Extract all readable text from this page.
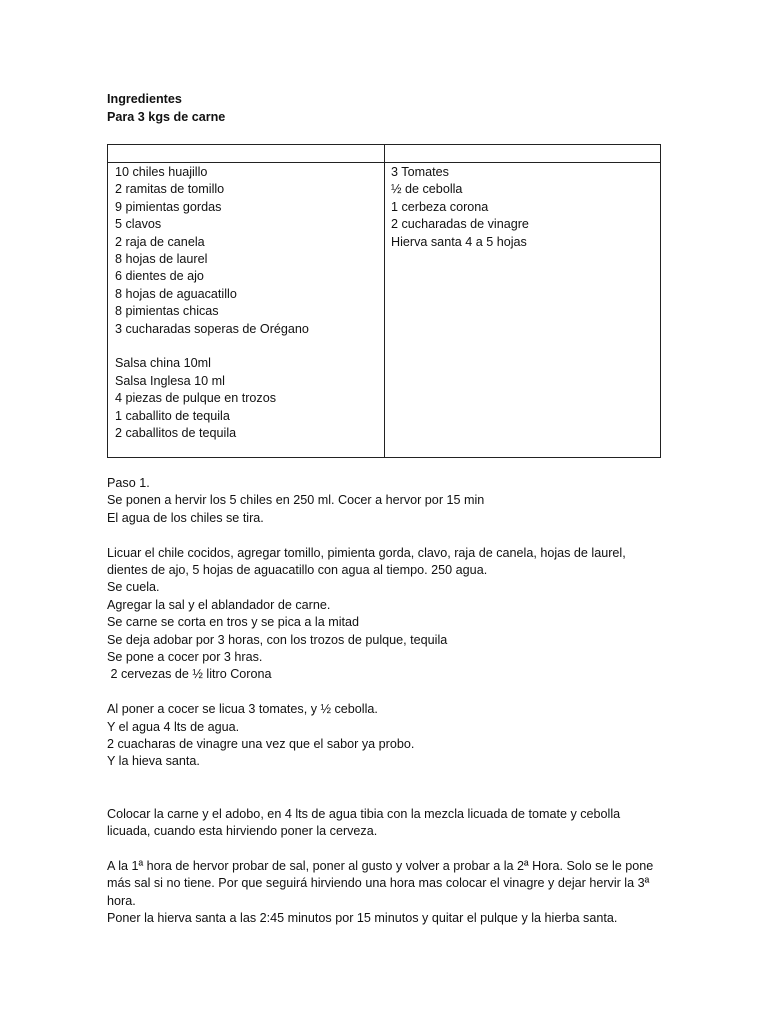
Ingredientes

Para 3 kgs de carne

10 chiles huajillo
2 ramitas de tomillo
9 pimientas gordas
5 clavos
2 raja de canela
8 hojas de laurel
6 dientes de ajo
8 hojas de aguacatillo
8 pimientas chicas
3 cucharadas soperas de Orégano
Salsa china 10ml
Salsa Inglesa 10 ml
4 piezas de pulque en trozos
1 caballito de tequila
2 caballitos de tequila
3 Tomates
½ de cebolla
1 cerbeza corona
2 cucharadas de vinagre
Hierva santa 4 a 5 hojas

Paso 1.

Se ponen a hervir los 5 chiles en 250 ml. Cocer a hervor por 15 min

El agua de los chiles se tira.

Licuar el chile cocidos, agregar tomillo, pimienta gorda, clavo, raja de canela, hojas de laurel,

dientes de ajo, 5 hojas de aguacatillo con agua al tiempo. 250 agua.

Se cuela.

Agregar la sal y el ablandador de carne.

Se carne se corta en tros y se pica a la mitad

Se deja adobar por 3 horas, con los trozos de pulque, tequila

Se pone a cocer por 3 hras.

2 cervezas de ½ litro Corona

Al poner a cocer se licua 3 tomates, y ½ cebolla.

Y el agua 4 lts de agua.

2 cuacharas de vinagre una vez que el sabor ya probo.

Y la hieva santa.

Colocar la carne y el adobo, en 4 lts de agua tibia con la mezcla licuada de tomate y cebolla

licuada, cuando esta hirviendo poner la cerveza.

A la 1ª hora de hervor probar de sal, poner al gusto y volver a probar a la 2ª Hora. Solo se le pone

más sal si no tiene. Por que seguirá hirviendo una hora mas colocar el vinagre y dejar hervir la 3ª

hora.

Poner la hierva santa a las 2:45 minutos por 15 minutos y quitar el pulque y la hierba santa.
